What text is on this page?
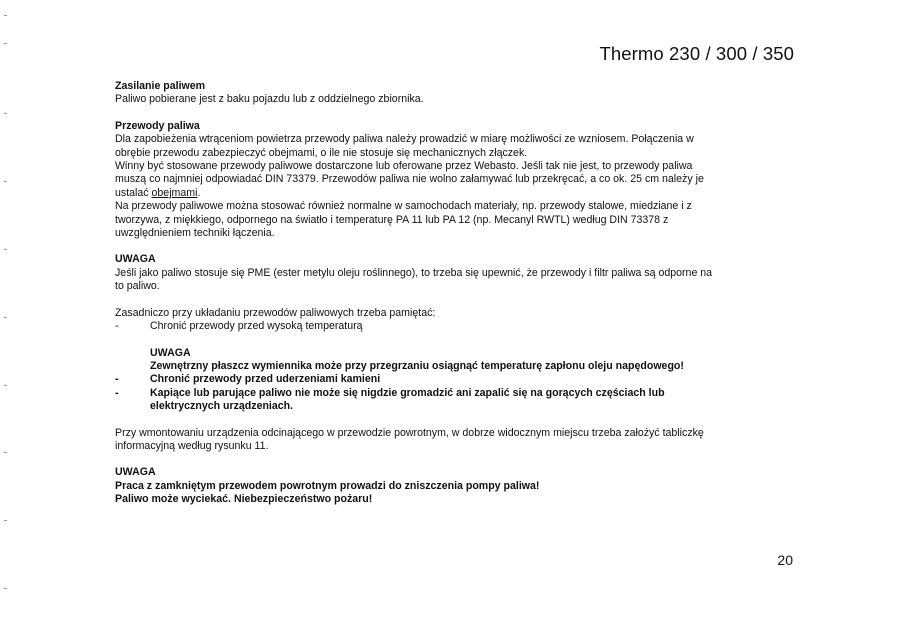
Thermo 230 / 300 / 350
Zasilanie paliwem
Paliwo pobierane jest z baku pojazdu lub z oddzielnego zbiornika.
Przewody paliwa
Dla zapobieżenia wtrąceniom powietrza przewody paliwa należy prowadzić w miarę możliwości ze wzniosem. Połączenia w
obrębie przewodu zabezpieczyć obejmami, o ile nie stosuje się mechanicznych złączek.
Winny być stosowane przewody paliwowe dostarczone lub oferowane przez Webasto. Jeśli tak nie jest, to przewody paliwa
muszą co najmniej odpowiadać DIN 73379. Przewodów paliwa nie wolno załamywać lub przekręcać, a co ok. 25 cm należy je
ustalać obejmami.
Na przewody paliwowe można stosować również normalne w samochodach materiały, np. przewody stalowe, miedziane i z
tworzywa, z miękkiego, odpornego na światło i temperaturę PA 11 lub PA 12 (np. Mecanyl RWTL) według DIN 73378 z
uwzględnieniem techniki łączenia.
UWAGA
Jeśli jako paliwo stosuje się PME (ester metylu oleju roślinnego), to trzeba się upewnić, że przewody i filtr paliwa są odporne na
to paliwo.
Zasadniczo przy układaniu przewodów paliwowych trzeba pamiętać:
-	Chronić przewody przed wysoką temperaturą
UWAGA
Zewnętrzny płaszcz wymiennika może przy przegrzaniu osiągnąć temperaturę zapłonu oleju napędowego!
-	Chronić przewody przed uderzeniami kamieni
-	Kapiące lub parujące paliwo nie może się nigdzie gromadzić ani zapalić się na gorących częściach lub
elektrycznych urządzeniach.
Przy wmontowaniu urządzenia odcinającego w przewodzie powrotnym, w dobrze widocznym miejscu trzeba założyć tabliczkę
informacyjną według rysunku 11.
UWAGA
Praca z zamkniętym przewodem powrotnym prowadzi do zniszczenia pompy paliwa!
Paliwo może wyciekać. Niebezpieczeństwo pożaru!
20
